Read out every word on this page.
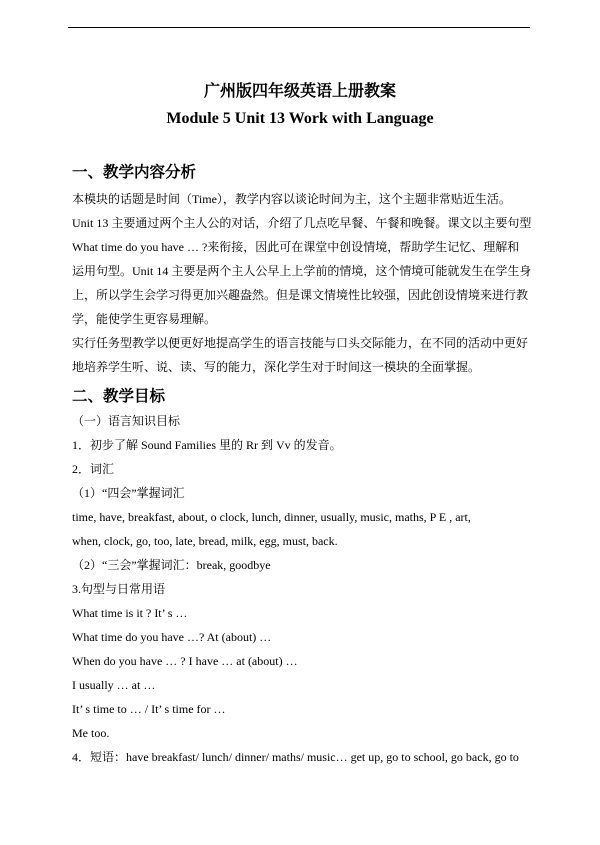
广州版四年级英语上册教案
Module 5 Unit 13 Work with Language
一、教学内容分析
本模块的话题是时间（Time），教学内容以谈论时间为主，这个主题非常贴近生活。
Unit 13 主要通过两个主人公的对话，介绍了几点吃早餐、午餐和晚餐。课文以主要句型
What time do you have … ?来衔接，因此可在课堂中创设情境，帮助学生记忆、理解和
运用句型。Unit 14 主要是两个主人公早上上学前的情境，这个情境可能就发生在学生身
上，所以学生会学习得更加兴趣盎然。但是课文情境性比较强，因此创设情境来进行教
学，能使学生更容易理解。
实行任务型教学以便更好地提高学生的语言技能与口头交际能力，在不同的活动中更好
地培养学生听、说、读、写的能力，深化学生对于时间这一模块的全面掌握。
二、教学目标
（一）语言知识目标
1．初步了解 Sound Families 里的 Rr 到 Vv 的发音。
2．词汇
（1）“四会”掌握词汇
time, have, breakfast, about, o clock, lunch, dinner, usually, music, maths, P E , art,
when, clock, go, too, late, bread, milk, egg, must, back.
（2）“三会”掌握词汇：break, goodbye
3.句型与日常用语
What time is it ? It’ s …
What time do you have …? At (about) …
When do you have … ? I have … at (about) …
I usually … at …
It’ s time to … / It’ s time for …
Me too.
4．短语：have breakfast/ lunch/ dinner/ maths/ music… get up, go to school, go back, go to
